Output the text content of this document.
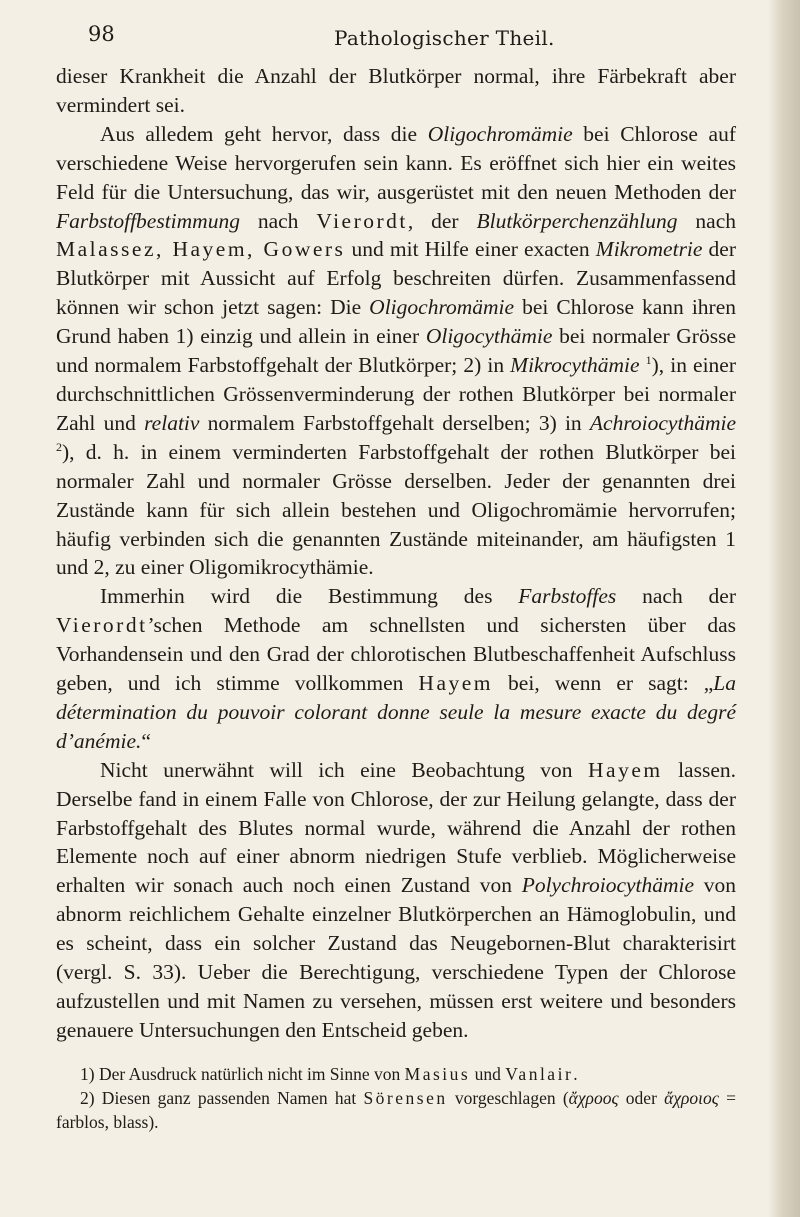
98	Pathologischer Theil.

dieser Krankheit die Anzahl der Blutkörper normal, ihre Färbekraft aber vermindert sei.

Aus alledem geht hervor, dass die Oligochromämie bei Chlorose auf verschiedene Weise hervorgerufen sein kann. Es eröffnet sich hier ein weites Feld für die Untersuchung, das wir, ausgerüstet mit den neuen Methoden der Farbstoffbestimmung nach Vierordt, der Blutkörperchenzählung nach Malassez, Hayem, Gowers und mit Hilfe einer exacten Mikrometrie der Blutkörper mit Aussicht auf Erfolg beschreiten dürfen. Zusammenfassend können wir schon jetzt sagen: Die Oligochromämie bei Chlorose kann ihren Grund haben 1) einzig und allein in einer Oligocythämie bei normaler Grösse und normalem Farbstoffgehalt der Blutkörper; 2) in Mikrocythämie $^1$), in einer durchschnittlichen Grössenverminderung der rothen Blutkörper bei normaler Zahl und relativ normalem Farbstoffgehalt derselben; 3) in Achroiocythämie $^2$), d. h. in einem verminderten Farbstoffgehalt der rothen Blutkörper bei normaler Zahl und normaler Grösse derselben. Jeder der genannten drei Zustände kann für sich allein bestehen und Oligochromämie hervorrufen; häufig verbinden sich die genannten Zustände miteinander, am häufigsten 1 und 2, zu einer Oligomikrocythämie.

Immerhin wird die Bestimmung des Farbstoffes nach der Vierordt’schen Methode am schnellsten und sichersten über das Vorhandensein und den Grad der chlorotischen Blutbeschaffenheit Aufschluss geben, und ich stimme vollkommen Hayem bei, wenn er sagt: „La détermination du pouvoir colorant donne seule la mesure exacte du degré d’anémie.“

Nicht unerwähnt will ich eine Beobachtung von Hayem lassen. Derselbe fand in einem Falle von Chlorose, der zur Heilung gelangte, dass der Farbstoffgehalt des Blutes normal wurde, während die Anzahl der rothen Elemente noch auf einer abnorm niedrigen Stufe verblieb. Möglicherweise erhalten wir sonach auch noch einen Zustand von Polychroiocythämie von abnorm reichlichem Gehalte einzelner Blutkörperchen an Hämoglobulin, und es scheint, dass ein solcher Zustand das Neugebornen-Blut charakterisirt (vergl. S. 33). Ueber die Berechtigung, verschiedene Typen der Chlorose aufzustellen und mit Namen zu versehen, müssen erst weitere und besonders genauere Untersuchungen den Entscheid geben.

1) Der Ausdruck natürlich nicht im Sinne von Masius und Vanlair.

2) Diesen ganz passenden Namen hat Sörensen vorgeschlagen (ἄχροος oder ἄχροιος = farblos, blass).
